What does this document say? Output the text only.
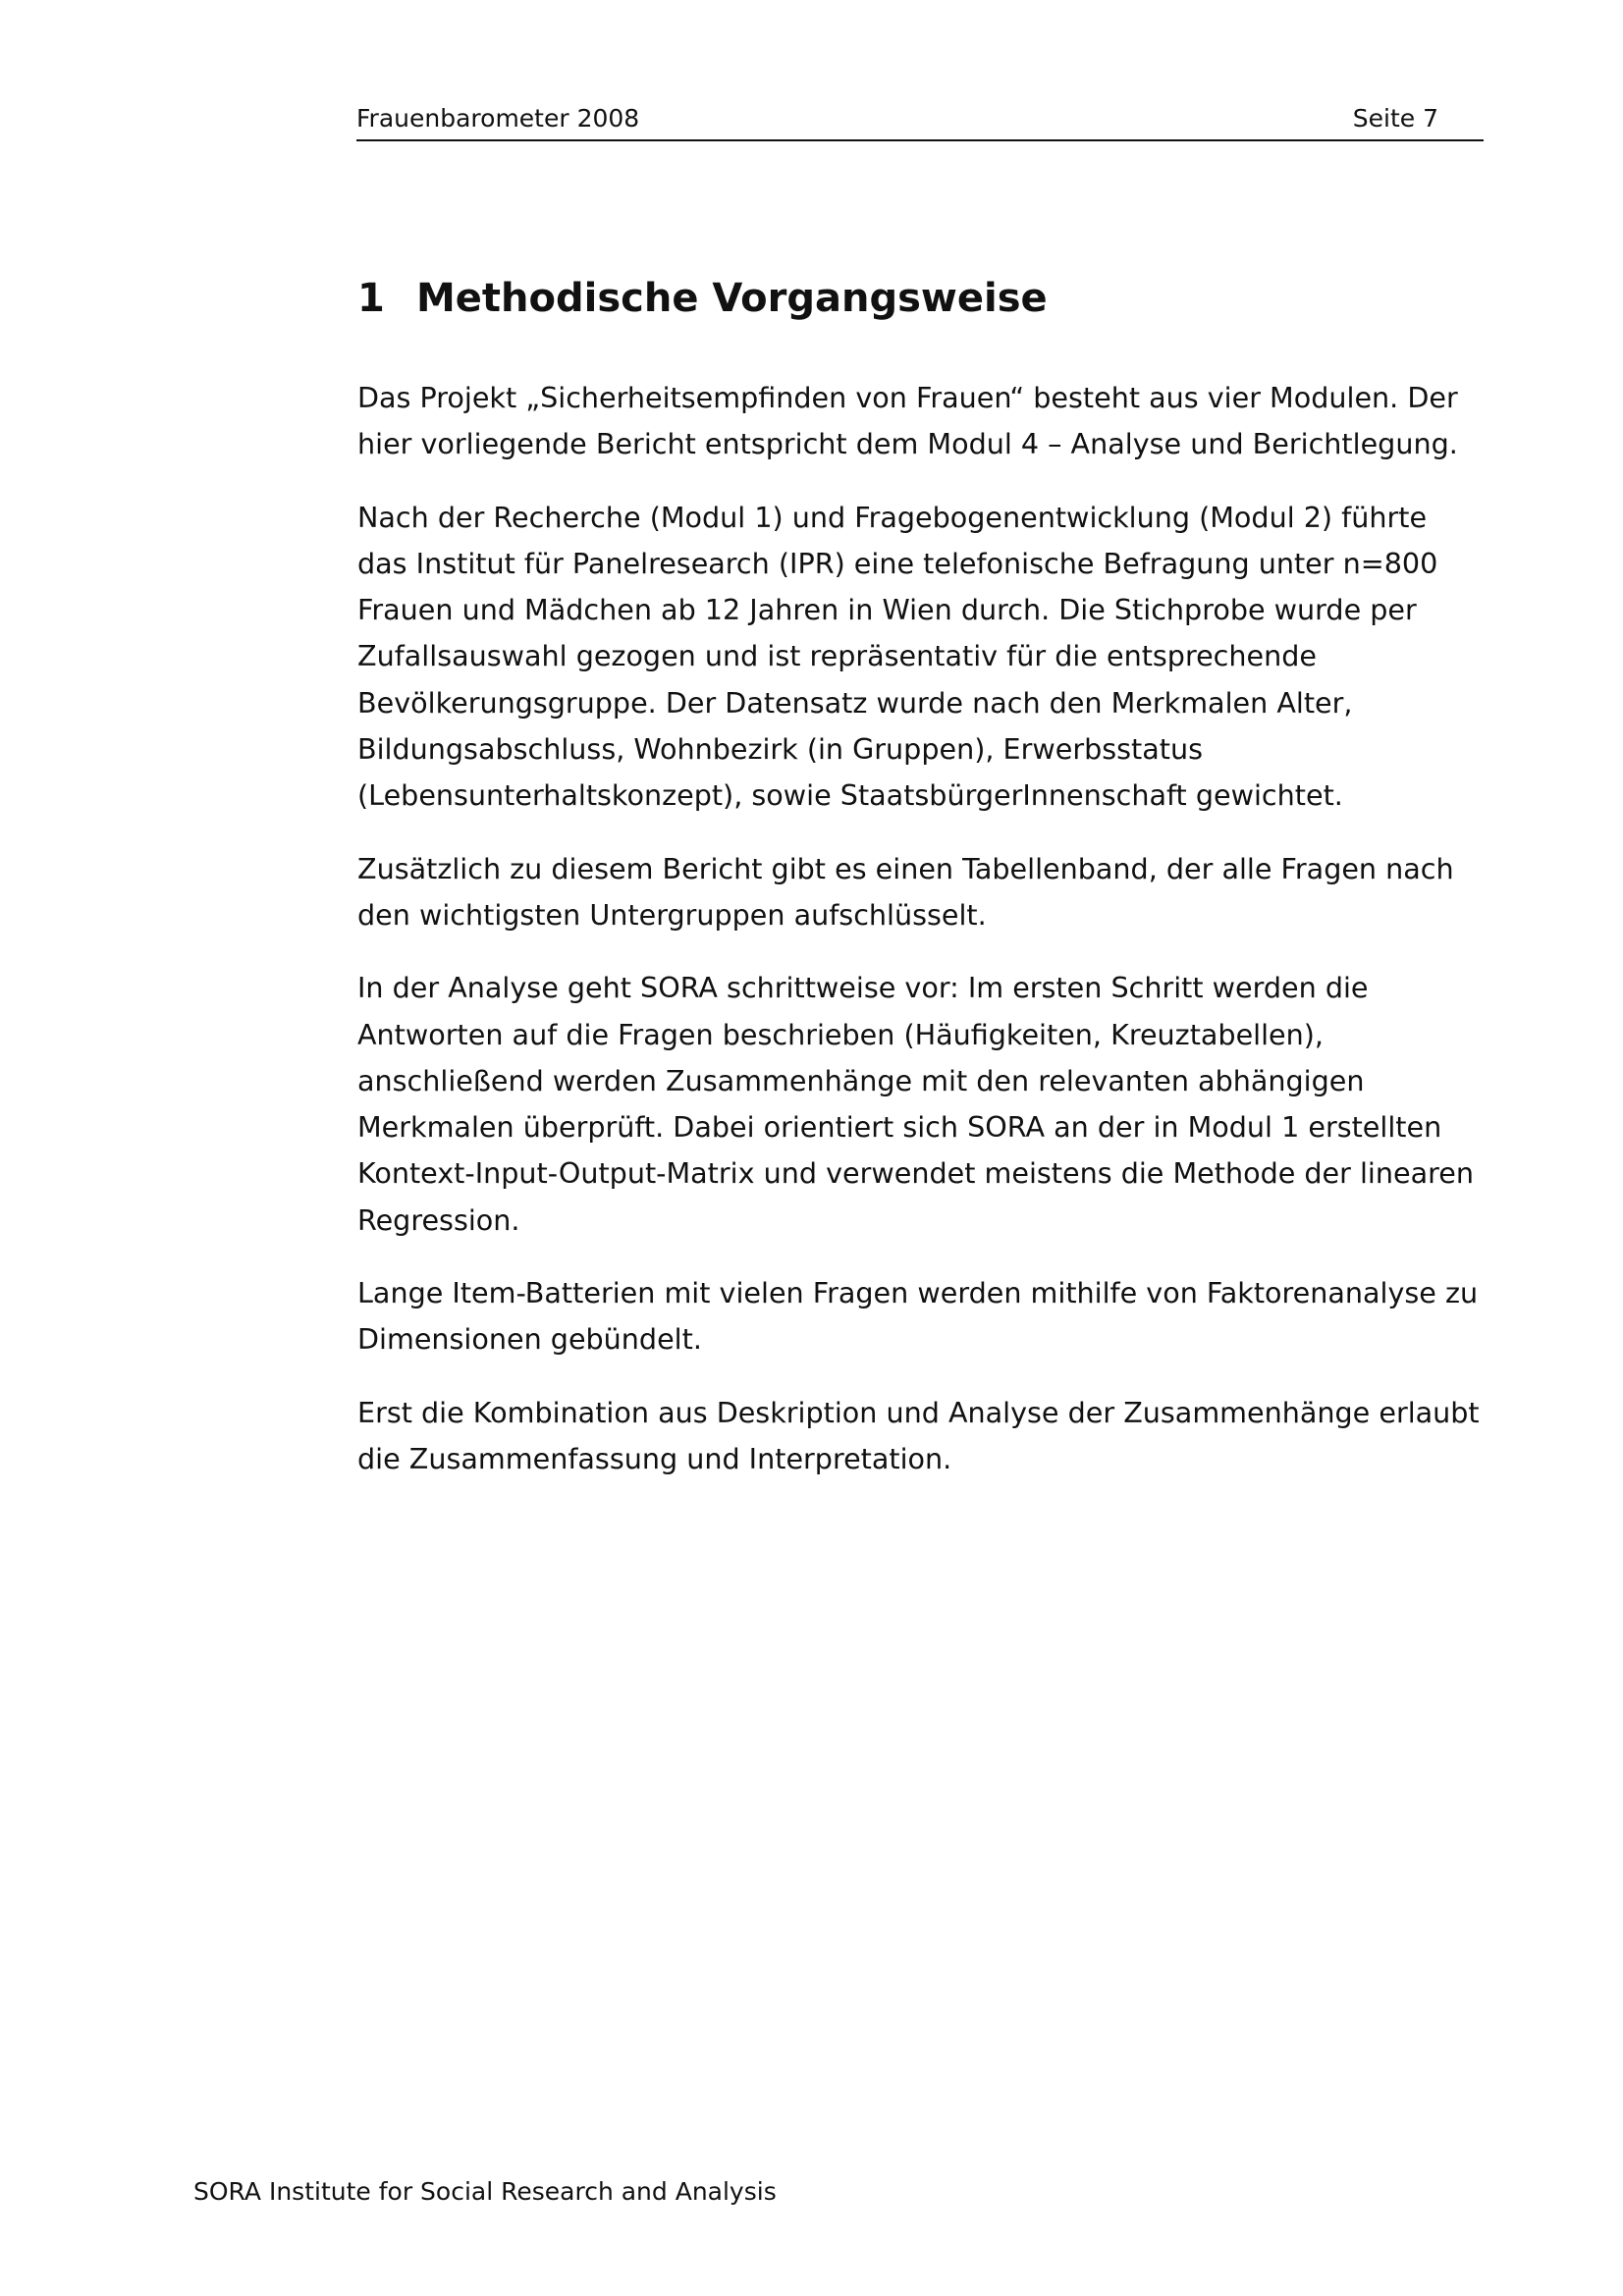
Frauenbarometer 2008	Seite 7
1 Methodische Vorgangsweise

Das Projekt „Sicherheitsempfinden von Frauen“ besteht aus vier Modulen. Der
hier vorliegende Bericht entspricht dem Modul 4 – Analyse und Berichtlegung.

Nach der Recherche (Modul 1) und Fragebogenentwicklung (Modul 2) führte
das Institut für Panelresearch (IPR) eine telefonische Befragung unter n=800
Frauen und Mädchen ab 12 Jahren in Wien durch. Die Stichprobe wurde per
Zufallsauswahl gezogen und ist repräsentativ für die entsprechende
Bevölkerungsgruppe. Der Datensatz wurde nach den Merkmalen Alter,
Bildungsabschluss, Wohnbezirk (in Gruppen), Erwerbsstatus
(Lebensunterhaltskonzept), sowie StaatsbürgerInnenschaft gewichtet.

Zusätzlich zu diesem Bericht gibt es einen Tabellenband, der alle Fragen nach
den wichtigsten Untergruppen aufschlüsselt.

In der Analyse geht SORA schrittweise vor: Im ersten Schritt werden die
Antworten auf die Fragen beschrieben (Häufigkeiten, Kreuztabellen),
anschließend werden Zusammenhänge mit den relevanten abhängigen
Merkmalen überprüft. Dabei orientiert sich SORA an der in Modul 1 erstellten
Kontext-Input-Output-Matrix und verwendet meistens die Methode der linearen
Regression.

Lange Item-Batterien mit vielen Fragen werden mithilfe von Faktorenanalyse zu
Dimensionen gebündelt.

Erst die Kombination aus Deskription und Analyse der Zusammenhänge erlaubt
die Zusammenfassung und Interpretation.

SORA Institute for Social Research and Analysis
